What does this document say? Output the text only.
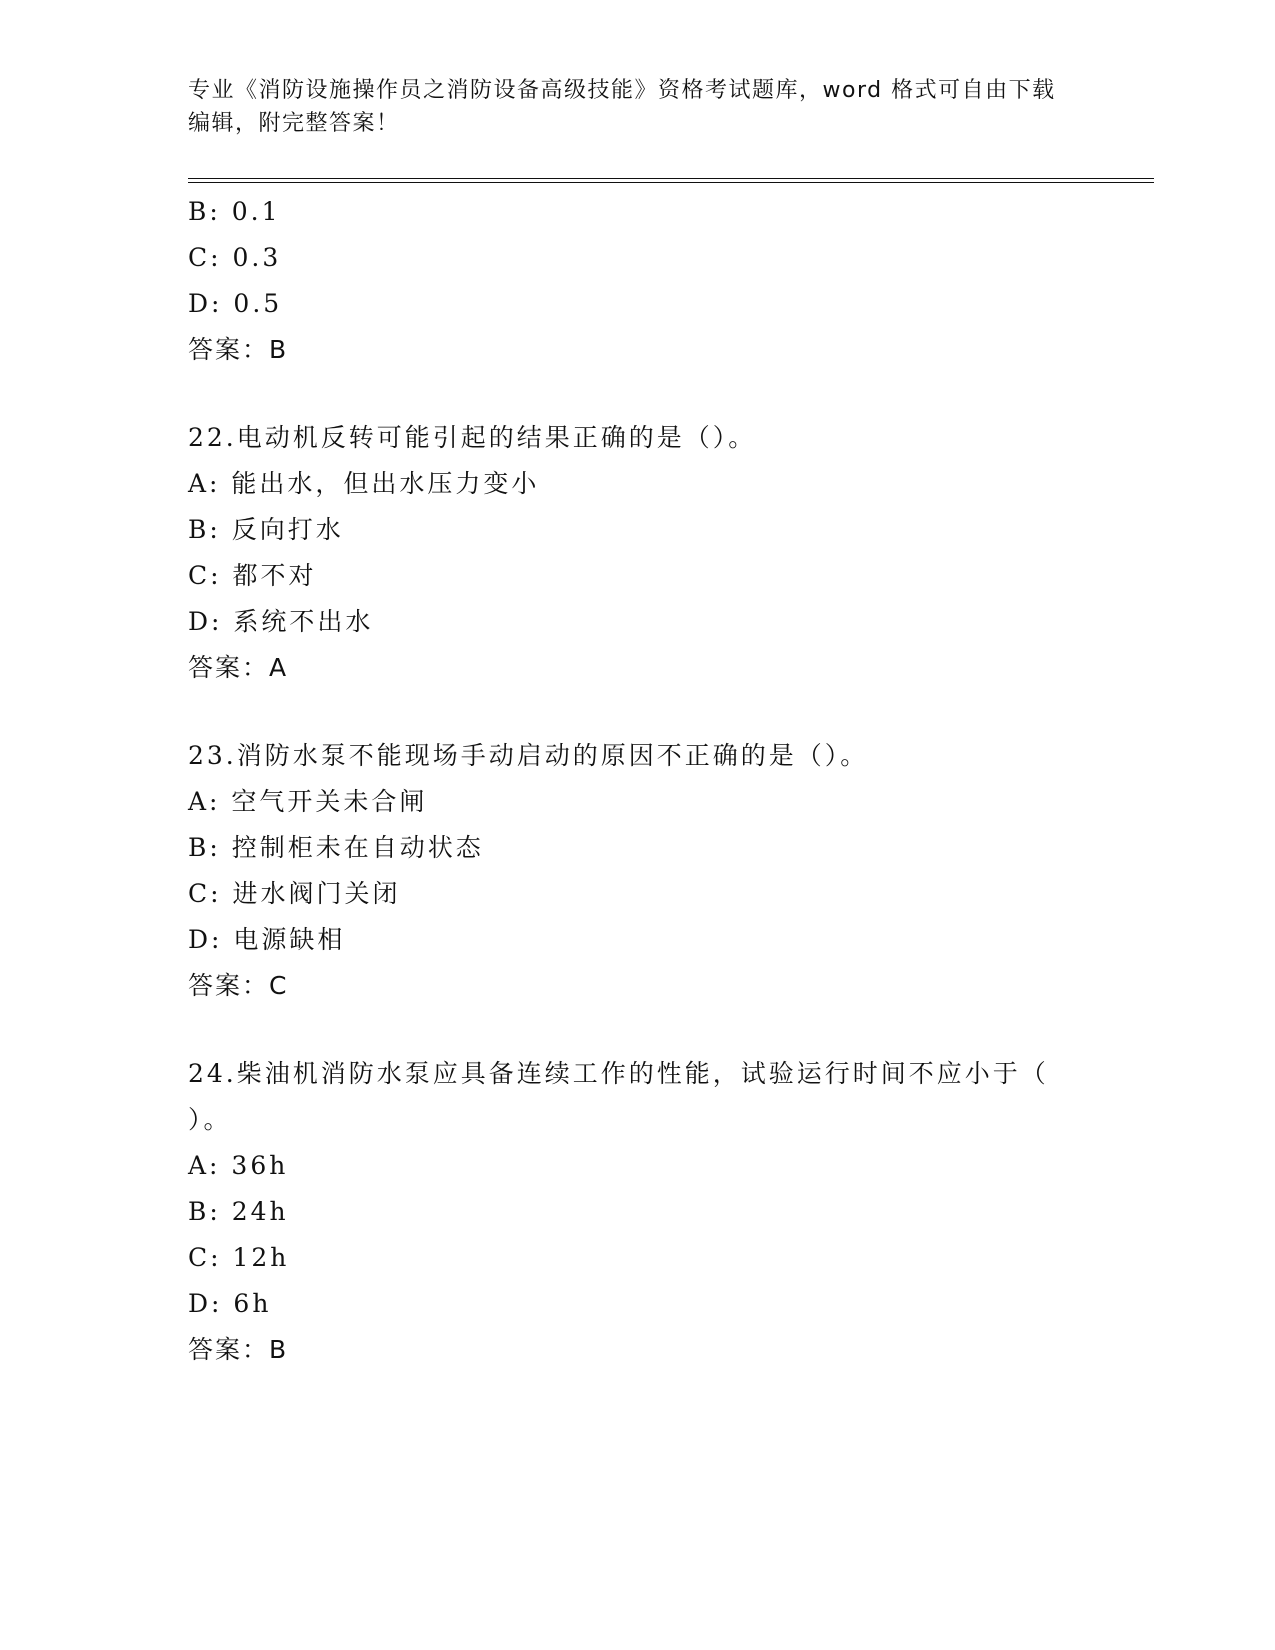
专业《消防设施操作员之消防设备高级技能》资格考试题库，word 格式可自由下载编辑，附完整答案！
B: 0.1
C: 0.3
D: 0.5
答案：B
22.电动机反转可能引起的结果正确的是（）。
A: 能出水，但出水压力变小
B: 反向打水
C: 都不对
D: 系统不出水
答案：A
23.消防水泵不能现场手动启动的原因不正确的是（）。
A: 空气开关未合闸
B: 控制柜未在自动状态
C: 进水阀门关闭
D: 电源缺相
答案：C
24.柴油机消防水泵应具备连续工作的性能，试验运行时间不应小于（
）。
A: 36h
B: 24h
C: 12h
D: 6h
答案：B
